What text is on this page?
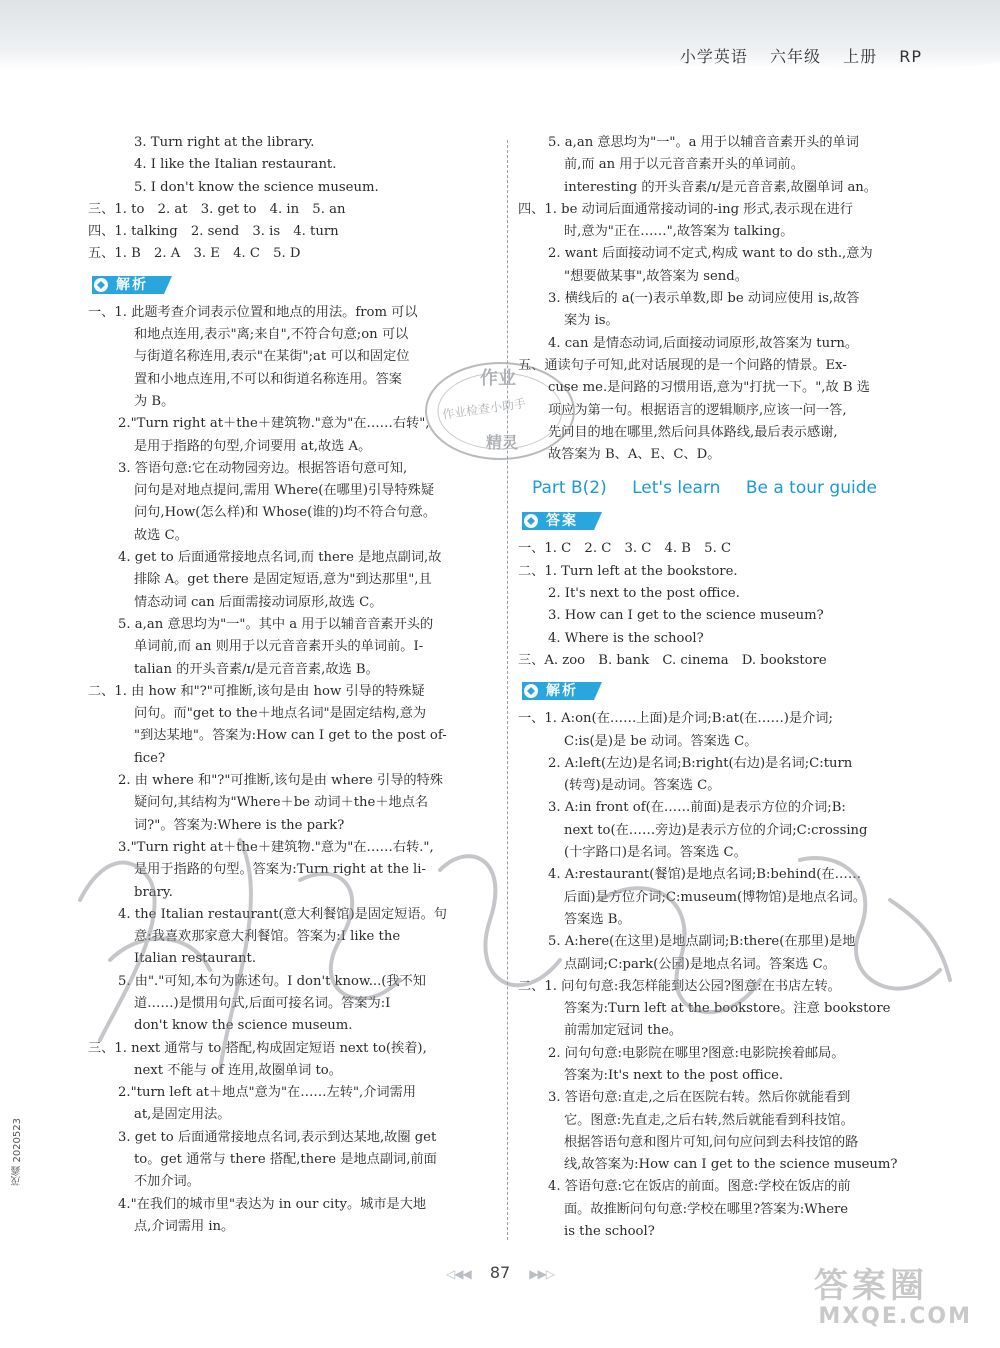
小学英语 六年级 上册 RP
3. Turn right at the library.
4. I like the Italian restaurant.
5. I don't know the science museum.
三、1. to　2. at　3. get to　4. in　5. an
四、1. talking　2. send　3. is　4. turn
五、1. B　2. A　3. E　4. C　5. D
解析
一、1. 此题考查介词表示位置和地点的用法。from 可以
和地点连用,表示"离;来自",不符合句意;on 可以
与街道名称连用,表示"在某街";at 可以和固定位
置和小地点连用,不可以和街道名称连用。答案
为 B。
2."Turn right at＋the＋建筑物."意为"在……右转",
是用于指路的句型,介词要用 at,故选 A。
3. 答语句意:它在动物园旁边。根据答语句意可知,
问句是对地点提问,需用 Where(在哪里)引导特殊疑
问句,How(怎么样)和 Whose(谁的)均不符合句意。
故选 C。
4. get to 后面通常接地点名词,而 there 是地点副词,故
排除 A。get there 是固定短语,意为"到达那里",且
情态动词 can 后面需接动词原形,故选 C。
5. a,an 意思均为"一"。其中 a 用于以辅音音素开头的
单词前,而 an 则用于以元音音素开头的单词前。I-
talian 的开头音素/ɪ/是元音音素,故选 B。
二、1. 由 how 和"?"可推断,该句是由 how 引导的特殊疑
问句。而"get to the＋地点名词"是固定结构,意为
"到达某地"。答案为:How can I get to the post of-
fice?
2. 由 where 和"?"可推断,该句是由 where 引导的特殊
疑问句,其结构为"Where＋be 动词＋the＋地点名
词?"。答案为:Where is the park?
3."Turn right at＋the＋建筑物."意为"在……右转.",
是用于指路的句型。答案为:Turn right at the li-
brary.
4. the Italian restaurant(意大利餐馆)是固定短语。句
意:我喜欢那家意大利餐馆。答案为:I like the
Italian restaurant.
5. 由"."可知,本句为陈述句。I don't know...(我不知
道……)是惯用句式,后面可接名词。答案为:I
don't know the science museum.
三、1. next 通常与 to 搭配,构成固定短语 next to(挨着),
next 不能与 of 连用,故圈单词 to。
2."turn left at＋地点"意为"在……左转",介词需用
at,是固定用法。
3. get to 后面通常接地点名词,表示到达某地,故圈 get
to。get 通常与 there 搭配,there 是地点副词,前面
不加介词。
4."在我们的城市里"表达为 in our city。城市是大地
点,介词需用 in。
5. a,an 意思均为"一"。a 用于以辅音音素开头的单词
前,而 an 用于以元音音素开头的单词前。
interesting 的开头音素/ɪ/是元音音素,故圈单词 an。
四、1. be 动词后面通常接动词的-ing 形式,表示现在进行
时,意为"正在……",故答案为 talking。
2. want 后面接动词不定式,构成 want to do sth.,意为
"想要做某事",故答案为 send。
3. 横线后的 a(一)表示单数,即 be 动词应使用 is,故答
案为 is。
4. can 是情态动词,后面接动词原形,故答案为 turn。
五、通读句子可知,此对话展现的是一个问路的情景。Ex-
cuse me.是问路的习惯用语,意为"打扰一下。",故 B 选
项应为第一句。根据语言的逻辑顺序,应该一问一答,
先问目的地在哪里,然后问具体路线,最后表示感谢,
故答案为 B、A、E、C、D。
Part B(2) Let's learn Be a tour guide
答案
一、1. C　2. C　3. C　4. B　5. C
二、1. Turn left at the bookstore.
2. It's next to the post office.
3. How can I get to the science museum?
4. Where is the school?
三、A. zoo　B. bank　C. cinema　D. bookstore
解析
一、1. A:on(在……上面)是介词;B:at(在……)是介词;
C:is(是)是 be 动词。答案选 C。
2. A:left(左边)是名词;B:right(右边)是名词;C:turn
(转弯)是动词。答案选 C。
3. A:in front of(在……前面)是表示方位的介词;B:
next to(在……旁边)是表示方位的介词;C:crossing
(十字路口)是名词。答案选 C。
4. A:restaurant(餐馆)是地点名词;B:behind(在……
后面)是方位介词;C:museum(博物馆)是地点名词。
答案选 B。
5. A:here(在这里)是地点副词;B:there(在那里)是地
点副词;C:park(公园)是地点名词。答案选 C。
二、1. 问句句意:我怎样能到达公园?图意:在书店左转。
答案为:Turn left at the bookstore。注意 bookstore
前需加定冠词 the。
2. 问句句意:电影院在哪里?图意:电影院挨着邮局。
答案为:It's next to the post office.
3. 答语句意:直走,之后在医院右转。然后你就能看到
它。图意:先直走,之后右转,然后就能看到科技馆。
根据答语句意和图片可知,问句应问到去科技馆的路
线,故答案为:How can I get to the science museum?
4. 答语句意:它在饭店的前面。图意:学校在饭店的前
面。故推断问句句意:学校在哪里?答案为:Where
is the school?
作业
作业检查小助手
精灵
茂鑫 2020523
◁◀◀ 87 ▶▶▷	答案圈
MXQE.COM
